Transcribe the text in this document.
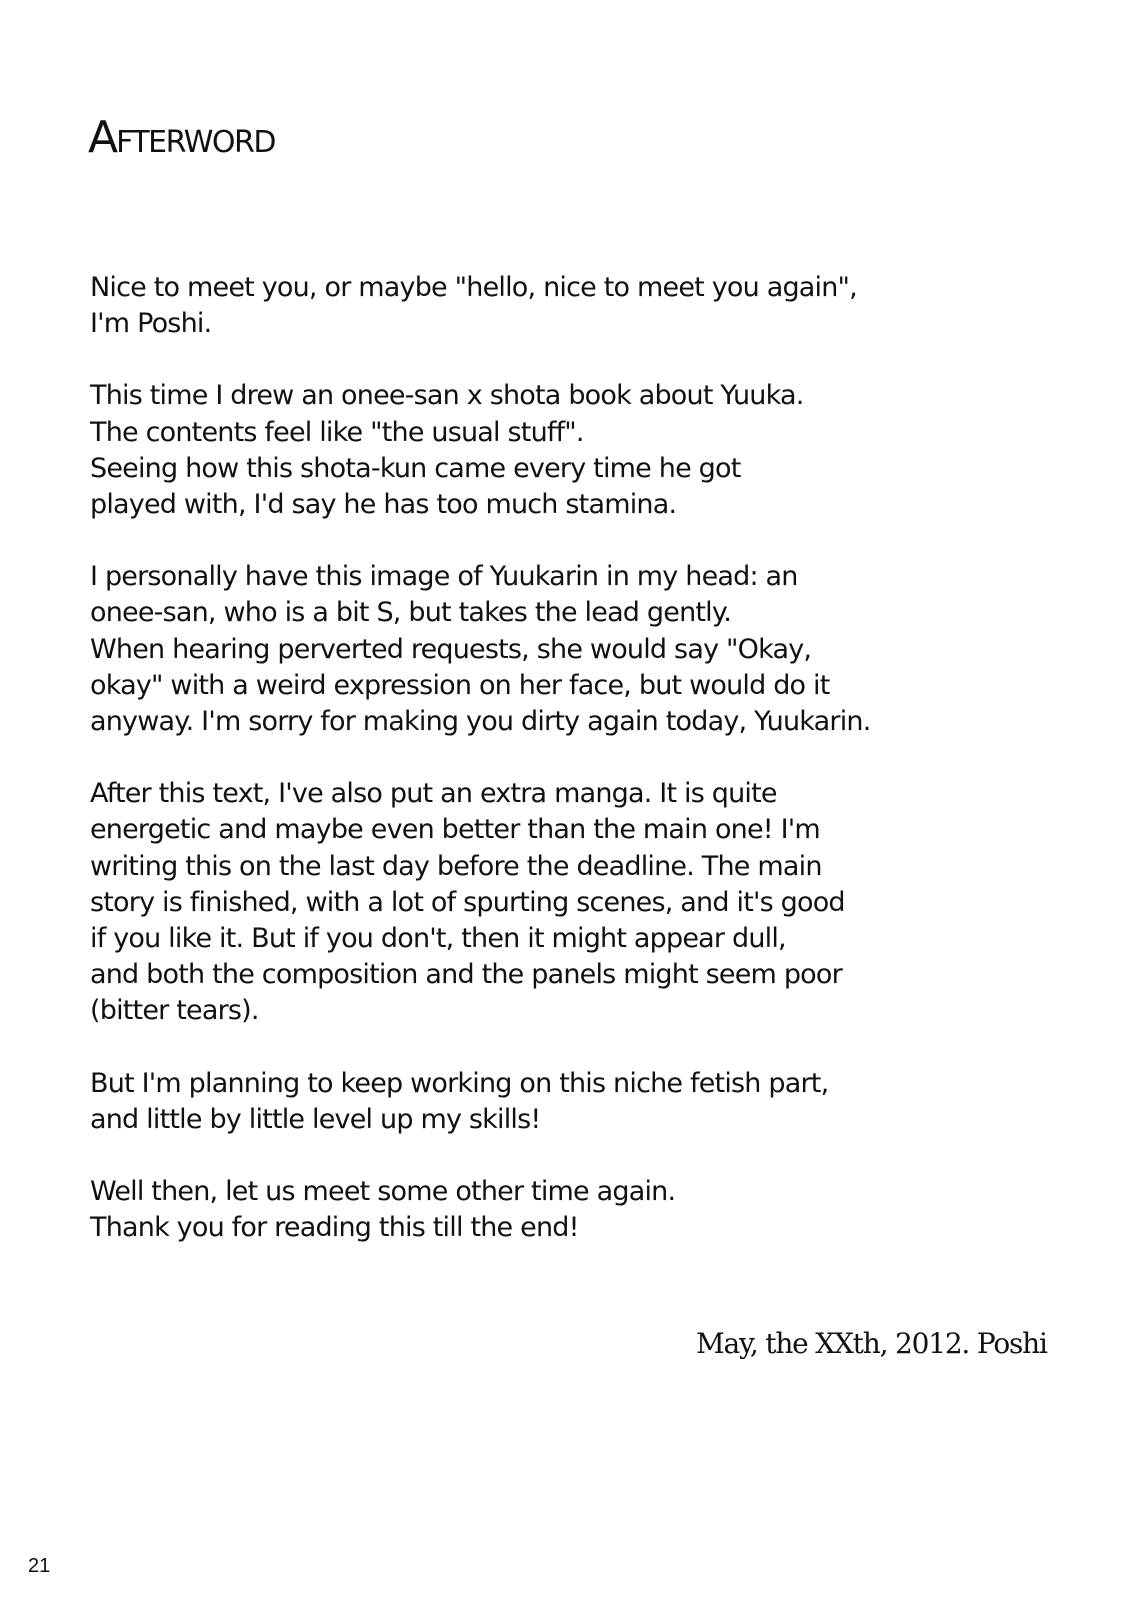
AFTERWORD

Nice to meet you, or maybe "hello, nice to meet you again",
I'm Poshi.

This time I drew an onee-san x shota book about Yuuka.
The contents feel like "the usual stuff".
Seeing how this shota-kun came every time he got
played with, I'd say he has too much stamina.

I personally have this image of Yuukarin in my head: an
onee-san, who is a bit S, but takes the lead gently.
When hearing perverted requests, she would say "Okay,
okay" with a weird expression on her face, but would do it
anyway. I'm sorry for making you dirty again today, Yuukarin.

After this text, I've also put an extra manga. It is quite
energetic and maybe even better than the main one! I'm
writing this on the last day before the deadline. The main
story is finished, with a lot of spurting scenes, and it's good
if you like it. But if you don't, then it might appear dull,
and both the composition and the panels might seem poor
(bitter tears).

But I'm planning to keep working on this niche fetish part,
and little by little level up my skills!

Well then, let us meet some other time again.
Thank you for reading this till the end!

May, the XXth, 2012. Poshi
21
